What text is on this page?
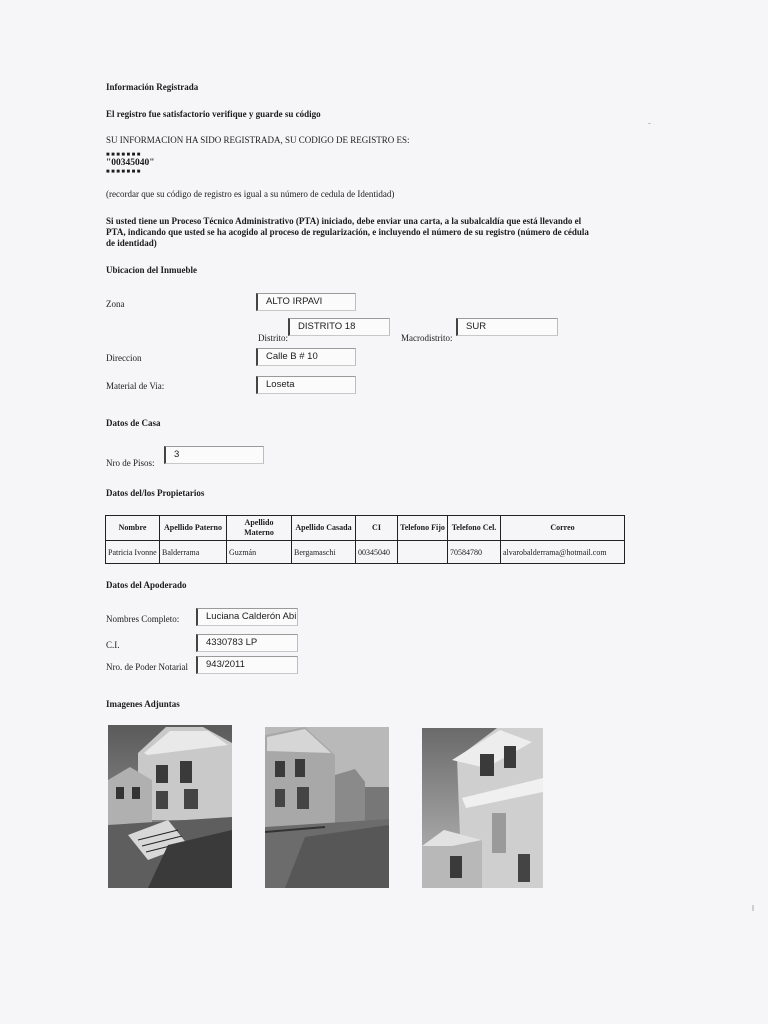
Información Registrada
El registro fue satisfactorio verifique y guarde su código
SU INFORMACION HA SIDO REGISTRADA, SU CODIGO DE REGISTRO ES:
■■■■■■■
"00345040"
■■■■■■■
(recordar que su código de registro es igual a su número de cedula de Identidad)
Si usted tiene un Proceso Técnico Administrativo (PTA) iniciado, debe enviar una carta, a la subalcaldía que está llevando el
PTA, indicando que usted se ha acogido al proceso de regularización, e incluyendo el número de su registro (número de cédula
de identidad)
Ubicacion del Inmueble
Zona	ALTO IRPAVI
Distrito:
DISTRITO 18
Macrodistrito:
SUR
Direccion	Calle B # 10
Material de Via:	Loseta
Datos de Casa
Nro de Pisos:
3
Datos del/los Propietarios
Nombre	Apellido Paterno	Apellido Materno	Apellido Casada	CI	Telefono Fijo	Telefono Cel.	Correo
Patricia Ivonne	Balderrama	Guzmán	Bergamaschi	00345040		70584780	alvarobalderrama@hotmail.com
Datos del Apoderado
Nombres Completo:	Luciana Calderón Abi
C.I.	4330783 LP
Nro. de Poder Notarial	943/2011
Imagenes Adjuntas
